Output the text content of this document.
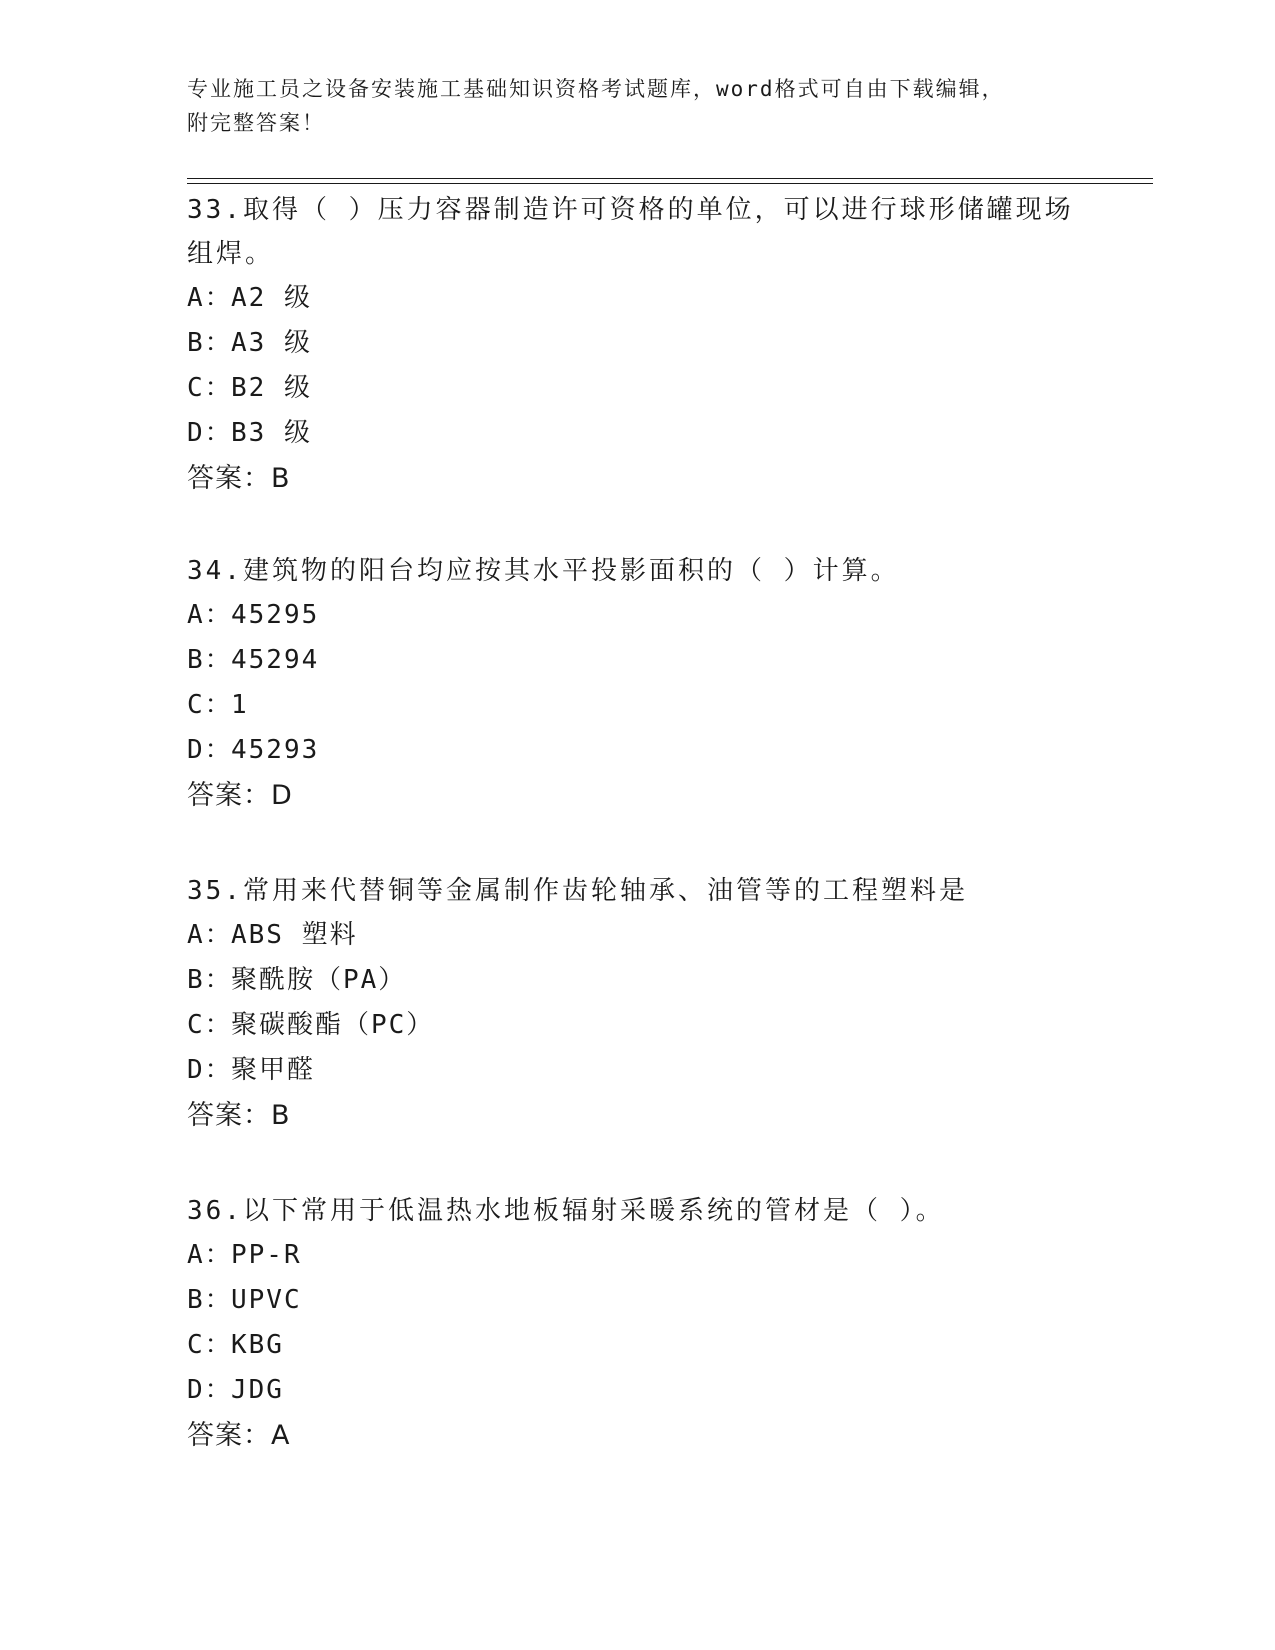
专业施工员之设备安装施工基础知识资格考试题库，word格式可自由下载编辑，
附完整答案！
33.取得（ ）压力容器制造许可资格的单位，可以进行球形储罐现场
组焊。
A：
A2 级
B：
A3 级
C：
B2 级
D：
B3 级
答案：B
34.建筑物的阳台均应按其水平投影面积的（ ）计算。
A：
45295
B：
45294
C：
1
D：
45293
答案：D
35.常用来代替铜等金属制作齿轮轴承、油管等的工程塑料是
A：
ABS 塑料
B：
聚酰胺（PA）
C：
聚碳酸酯（PC）
D：
聚甲醛
答案：B
36.以下常用于低温热水地板辐射采暖系统的管材是（ ）。
A：
PP-R
B：
UPVC
C：
KBG
D：
JDG
答案：A
